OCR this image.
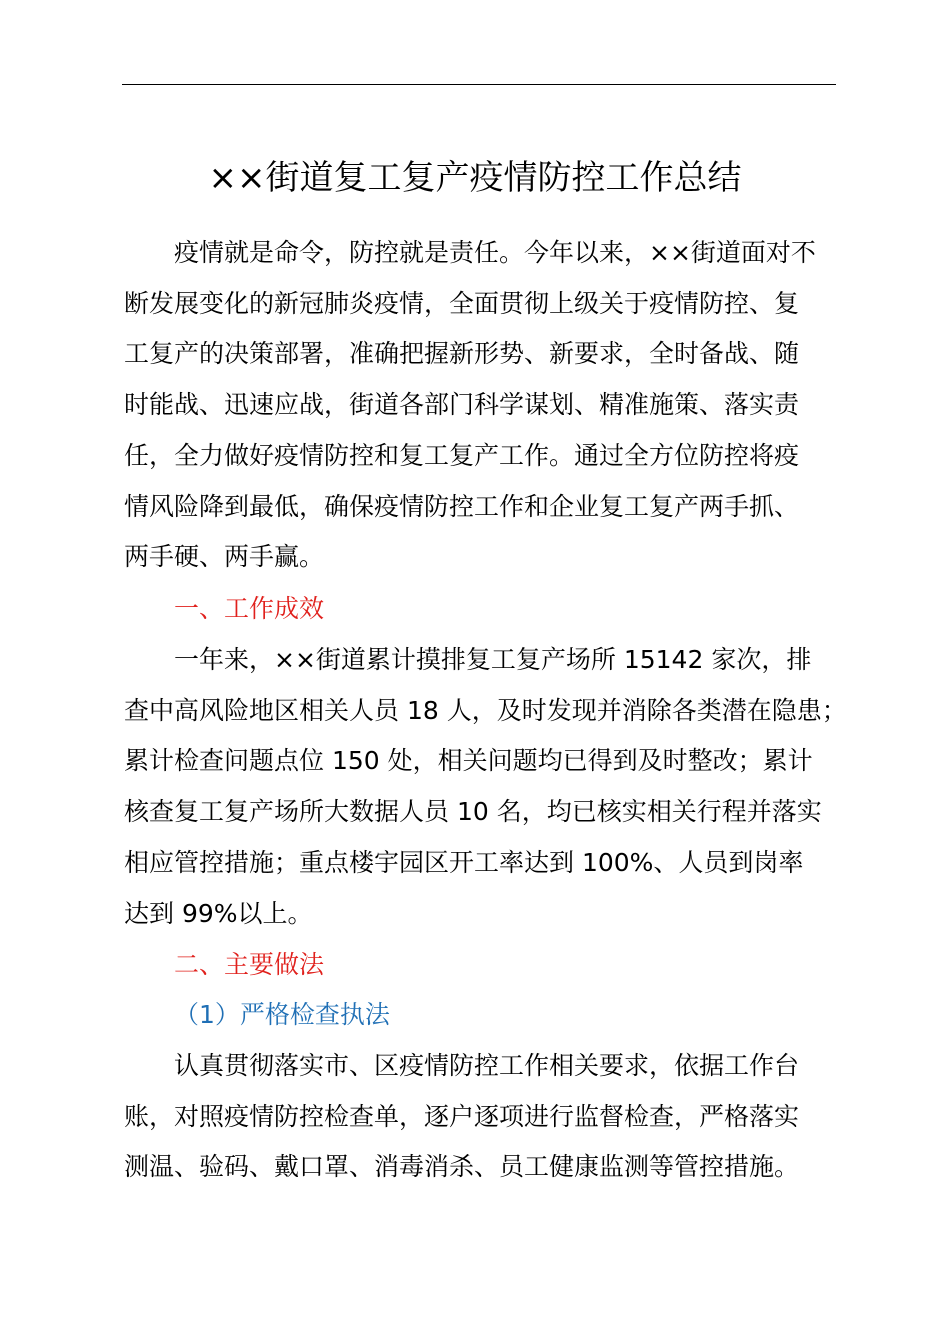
××街道复工复产疫情防控工作总结
疫情就是命令，防控就是责任。今年以来，××街道面对不
断发展变化的新冠肺炎疫情，全面贯彻上级关于疫情防控、复
工复产的决策部署，准确把握新形势、新要求，全时备战、随
时能战、迅速应战，街道各部门科学谋划、精准施策、落实责
任，全力做好疫情防控和复工复产工作。通过全方位防控将疫
情风险降到最低，确保疫情防控工作和企业复工复产两手抓、
两手硬、两手赢。
一、工作成效
一年来，××街道累计摸排复工复产场所 15142 家次，排
查中高风险地区相关人员 18 人，及时发现并消除各类潜在隐患；
累计检查问题点位 150 处，相关问题均已得到及时整改；累计
核查复工复产场所大数据人员 10 名，均已核实相关行程并落实
相应管控措施；重点楼宇园区开工率达到 100%、人员到岗率
达到 99%以上。
二、主要做法
（1）严格检查执法
认真贯彻落实市、区疫情防控工作相关要求，依据工作台
账，对照疫情防控检查单，逐户逐项进行监督检查，严格落实
测温、验码、戴口罩、消毒消杀、员工健康监测等管控措施。
